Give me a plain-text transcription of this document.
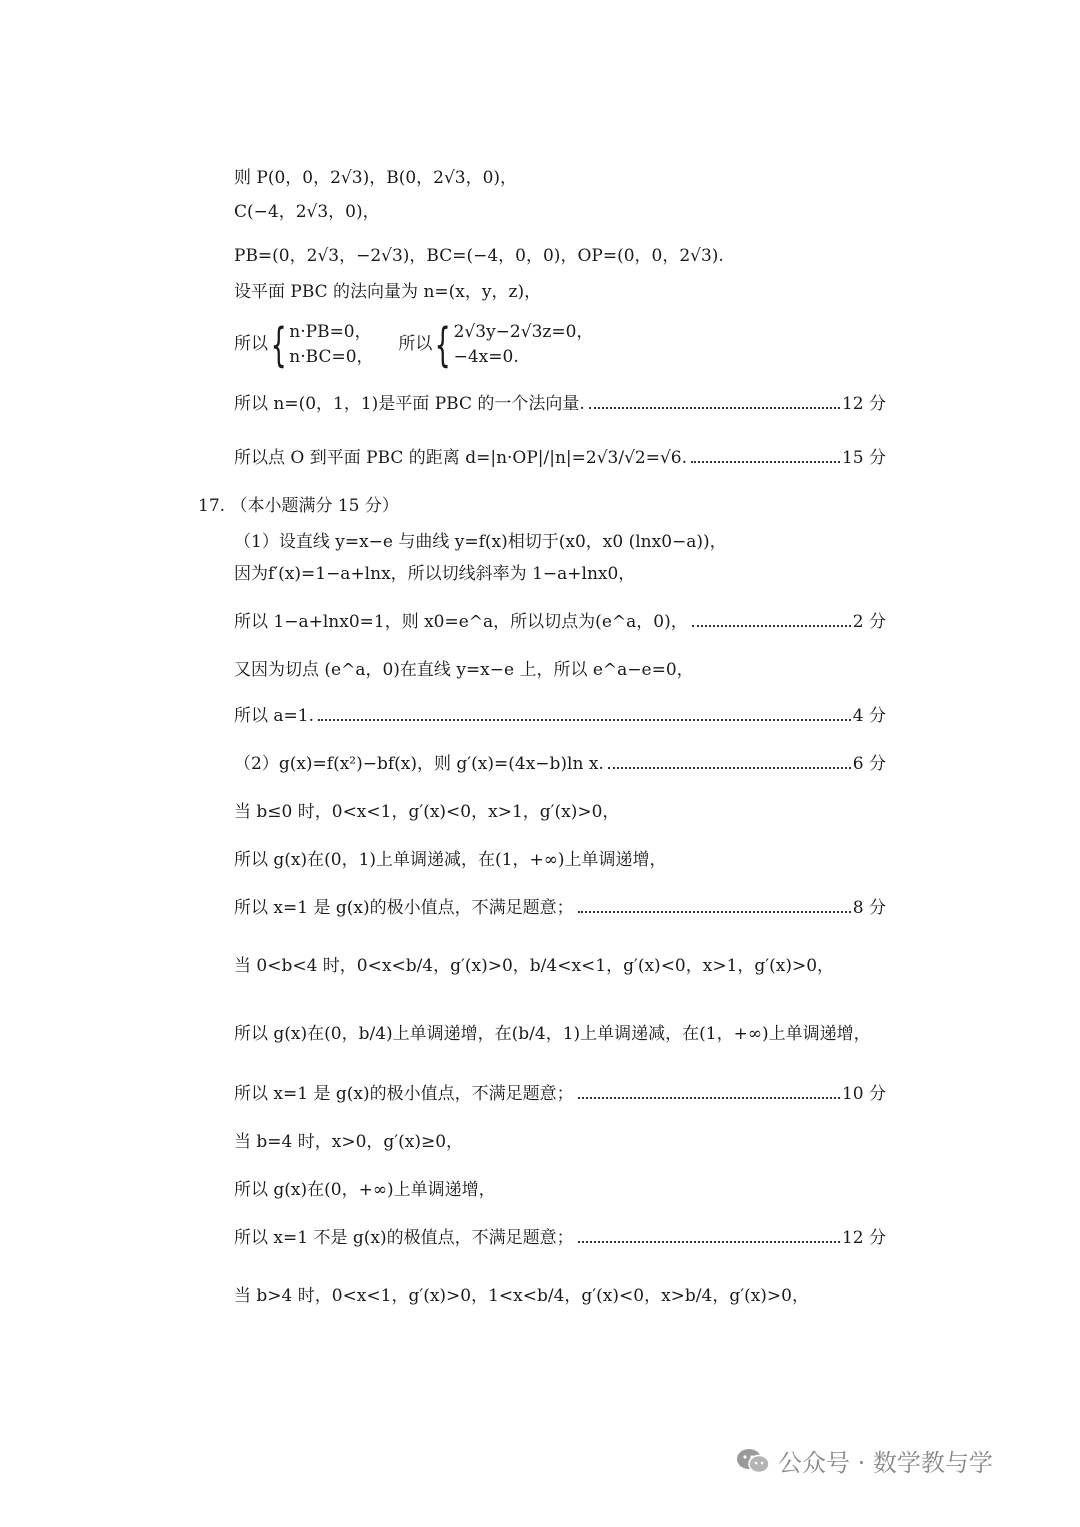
则 P(0，0，2√3)，B(0，2√3，0)，
C(−4，2√3，0)，
PB=(0，2√3，−2√3)，BC=(−4，0，0)，OP=(0，0，2√3).
设平面 PBC 的法向量为 n=(x，y，z)，
所以{ n·PB=0，
n·BC=0，
所以{ 2√3y−2√3z=0，
−4x=0.
所以 n=(0，1，1)是平面 PBC 的一个法向量.	12 分
所以点 O 到平面 PBC 的距离 d=|n·OP|/|n|=2√3/√2=√6.	15 分
17. （本小题满分 15 分）
（1）设直线 y=x−e 与曲线 y=f(x)相切于(x0，x0 (lnx0−a))，
因为f′(x)=1−a+lnx，所以切线斜率为 1−a+lnx0，
所以 1−a+lnx0=1，则 x0=e^a，所以切点为(e^a，0)，	2 分
又因为切点 (e^a，0)在直线 y=x−e 上，所以 e^a−e=0，
所以 a=1.	4 分
（2）g(x)=f(x²)−bf(x)，则 g′(x)=(4x−b)ln x.	6 分
当 b≤0 时，0<x<1，g′(x)<0，x>1，g′(x)>0，
所以 g(x)在(0，1)上单调递减，在(1，+∞)上单调递增，
所以 x=1 是 g(x)的极小值点，不满足题意；	8 分
当 0<b<4 时，0<x<b/4，g′(x)>0，b/4<x<1，g′(x)<0，x>1，g′(x)>0，
所以 g(x)在(0，b/4)上单调递增，在(b/4，1)上单调递减，在(1，+∞)上单调递增，
所以 x=1 是 g(x)的极小值点，不满足题意；	10 分
当 b=4 时，x>0，g′(x)≥0，
所以 g(x)在(0，+∞)上单调递增，
所以 x=1 不是 g(x)的极值点，不满足题意；	12 分
当 b>4 时，0<x<1，g′(x)>0，1<x<b/4，g′(x)<0，x>b/4，g′(x)>0，
公众号 · 数学教与学
